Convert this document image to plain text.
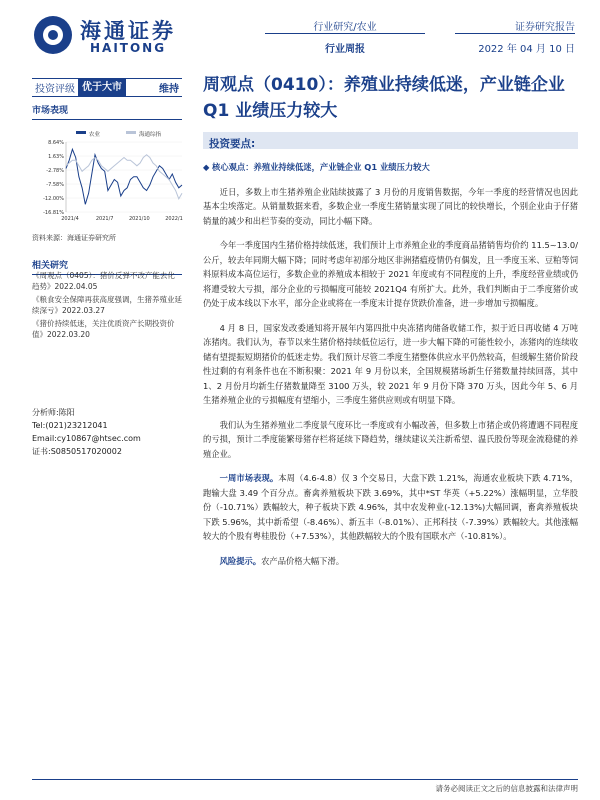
海通证券
HAITONG
行业研究/农业
行业周报
证券研究报告
2022 年 04 月 10 日
投资评级 优于大市	维持 周观点（0410）：养殖业持续低迷，产业链企业 Q1 业绩压力较大
市场表现
农业	海通综指
8.64%
1.63%
-2.78%
-7.58%
-12.00%
-16.81%
2021/4	2021/7	2021/10	2022/1
资料来源：海通证券研究所
相关研究
《周观点（0405）：猪价反弹不改产能去化趋势》2022.04.05
《粮食安全保障再获高度强调，生猪养殖业延续深亏》2022.03.27
《猪价持续低迷，关注优质资产长期投资价值》2022.03.20
分析师:陈阳
Tel:(021)23212041
Email:cy10867@htsec.com
证书:S0850517020002
投资要点:

◆ 核心观点：养殖业持续低迷，产业链企业 Q1 业绩压力较大

近日，多数上市生猪养殖企业陆续披露了 3 月份的月度销售数据，今年一季度的经营情况也因此基本尘埃落定。从销量数据来看，多数企业一季度生猪销量实现了同比的较快增长，个别企业由于仔猪销量的减少和出栏节奏的变动，同比小幅下降。

今年一季度国内生猪价格持续低迷，我们预计上市养殖企业的季度商品猪销售均价约 11.5~13.0/公斤，较去年同期大幅下降；同时考虑年初部分地区非洲猪瘟疫情仍有偶发，且一季度玉米、豆粕等饲料原料成本高位运行，多数企业的养殖成本相较于 2021 年度或有不同程度的上升，季度经营业绩或仍将遭受较大亏损，部分企业的亏损幅度可能较 2021Q4 有所扩大。此外，我们判断由于二季度猪价或仍处于成本线以下水平，部分企业或将在一季度末计提存货跌价准备，进一步增加亏损幅度。

4 月 8 日，国家发改委通知将开展年内第四批中央冻猪肉储备收储工作，拟于近日再收储 4 万吨冻猪肉。我们认为，春节以来生猪价格持续低位运行，进一步大幅下降的可能性较小，冻猪肉的连续收储有望提振短期猪价的低迷走势。我们预计尽管二季度生猪整体供应水平仍然较高，但缓解生猪价阶段性过剩的有利条件也在不断积聚：2021 年 9 月份以来，全国规模猪场新生仔猪数量持续回落，其中 1、2 月份月均新生仔猪数量降至 3100 万头，较 2021 年 9 月份下降 370 万头，因此今年 5、6 月生猪养殖企业的亏损幅度有望缩小，三季度生猪供应则或有明显下降。

我们认为生猪养殖业二季度景气度环比一季度或有小幅改善，但多数上市猪企或仍将遭遇不同程度的亏损，预计二季度能繁母猪存栏将延续下降趋势，继续建议关注新希望、温氏股份等现金流稳健的养殖企业。

一周市场表现。本周（4.6-4.8）仅 3 个交易日，大盘下跌 1.21%，海通农业板块下跌 4.71%，跑输大盘 3.49 个百分点。畜禽养殖板块下跌 3.69%，其中*ST 华英（+5.22%）涨幅明显，立华股份（-10.71%）跌幅较大，种子板块下跌 4.96%，其中农发种业(-12.13%)大幅回调，畜禽养殖板块下跌 5.96%，其中新希望（-8.46%）、新五丰（-8.01%）、正邦科技（-7.39%）跌幅较大。其他涨幅较大的个股有粤桂股份（+7.53%），其他跌幅较大的个股有国联水产（-10.81%）。

风险提示。农产品价格大幅下滑。

请务必阅读正文之后的信息披露和法律声明
